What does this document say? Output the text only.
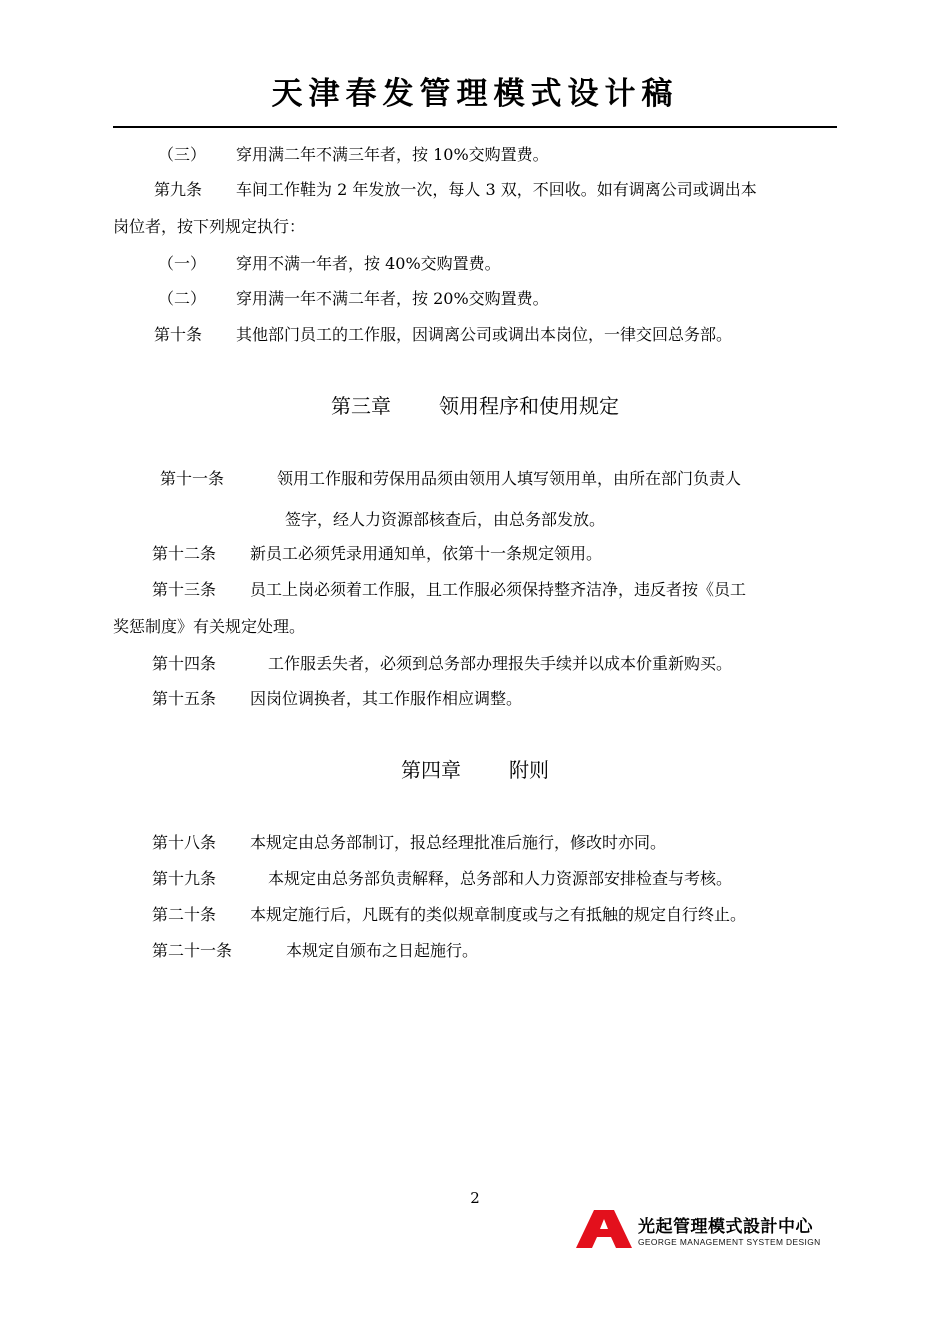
天津春发管理模式设计稿
（三） 穿用满二年不满三年者，按 10%交购置费。
第九条 车间工作鞋为 2 年发放一次，每人 3 双，不回收。如有调离公司或调出本
岗位者，按下列规定执行：
（一） 穿用不满一年者，按 40%交购置费。
（二） 穿用满一年不满二年者，按 20%交购置费。
第十条 其他部门员工的工作服，因调离公司或调出本岗位，一律交回总务部。
第三章 领用程序和使用规定
第十一条	领用工作服和劳保用品须由领用人填写领用单，由所在部门负责人
签字，经人力资源部核查后，由总务部发放。
第十二条 新员工必须凭录用通知单，依第十一条规定领用。
第十三条 员工上岗必须着工作服，且工作服必须保持整齐洁净，违反者按《员工
奖惩制度》有关规定处理。
第十四条	工作服丢失者，必须到总务部办理报失手续并以成本价重新购买。
第十五条 因岗位调换者，其工作服作相应调整。
第四章 附则
第十八条 本规定由总务部制订，报总经理批准后施行，修改时亦同。
第十九条	本规定由总务部负责解释，总务部和人力资源部安排检查与考核。
第二十条 本规定施行后，凡既有的类似规章制度或与之有抵触的规定自行终止。
第二十一条	本规定自颁布之日起施行。
2
光起管理模式設計中心
GEORGE MANAGEMENT SYSTEM DESIGN
